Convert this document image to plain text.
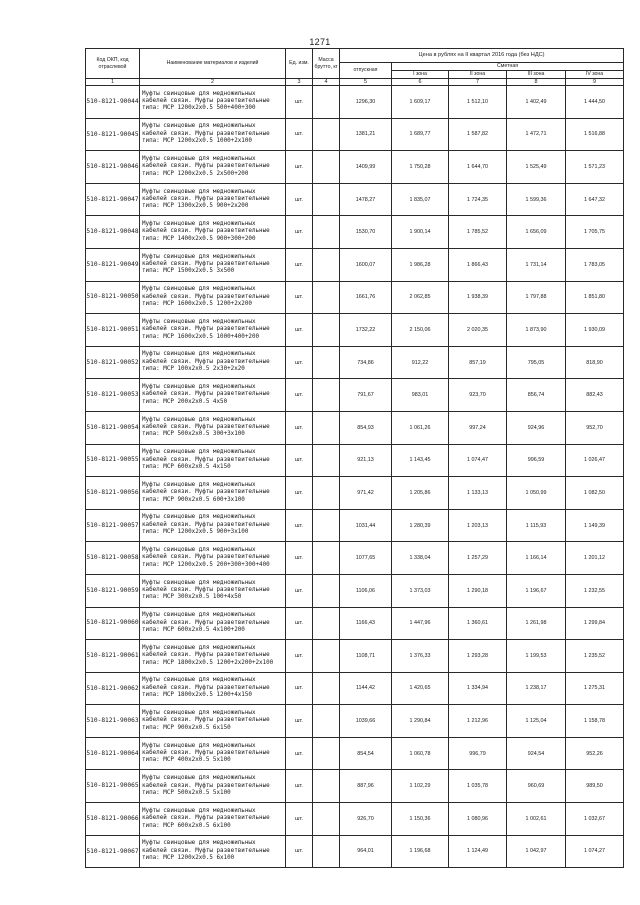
1271
Код ОКП, код отраслевой	Наименование материалов и изделий	Ед. изм.	Масса брутто, кг	Цена в рублях на II квартал 2016 года (без НДС)				
				отпускная	Сметная			
					I зона	II зона	III зона	IV зона
1	2	3	4	5	6	7	8	9
510-8121-90044	Муфты свинцовые для медножильных кабелей связи. Муфты разветвительные типа: МСР 1200х2х0.5 500+400+300	шт.		1296,30	1 609,17	1 512,10	1 402,49	1 444,50
510-8121-90045	Муфты свинцовые для медножильных кабелей связи. Муфты разветвительные типа: МСР 1200х2х0.5 1000+2х100	шт.		1381,21	1 689,77	1 587,82	1 472,71	1 516,88
510-8121-90046	Муфты свинцовые для медножильных кабелей связи. Муфты разветвительные типа: МСР 1200х2х0.5 2х500+200	шт.		1409,99	1 750,28	1 644,70	1 525,49	1 571,23
510-8121-90047	Муфты свинцовые для медножильных кабелей связи. Муфты разветвительные типа: МСР 1300х2х0.5 900+2х200	шт.		1478,27	1 835,07	1 724,35	1 599,36	1 647,32
510-8121-90048	Муфты свинцовые для медножильных кабелей связи. Муфты разветвительные типа: МСР 1400х2х0.5 900+300+200	шт.		1530,70	1 900,14	1 785,52	1 656,09	1 705,75
510-8121-90049	Муфты свинцовые для медножильных кабелей связи. Муфты разветвительные типа: МСР 1500х2х0.5 3х500	шт.		1600,07	1 986,28	1 866,43	1 731,14	1 783,05
510-8121-90050	Муфты свинцовые для медножильных кабелей связи. Муфты разветвительные типа: МСР 1600х2х0.5 1200+2х200	шт.		1661,76	2 062,85	1 938,39	1 797,88	1 851,80
510-8121-90051	Муфты свинцовые для медножильных кабелей связи. Муфты разветвительные типа: МСР 1600х2х0.5 1000+400+200	шт.		1732,22	2 150,06	2 020,35	1 873,90	1 930,09
510-8121-90052	Муфты свинцовые для медножильных кабелей связи. Муфты разветвительные типа: МСР 100х2х0.5 2х30+2х20	шт.		734,86	912,22	857,19	795,05	818,90
510-8121-90053	Муфты свинцовые для медножильных кабелей связи. Муфты разветвительные типа: МСР 200х2х0.5 4х50	шт.		791,67	983,01	923,70	856,74	882,43
510-8121-90054	Муфты свинцовые для медножильных кабелей связи. Муфты разветвительные типа: МСР 500х2х0.5 300+3х100	шт.		854,93	1 061,26	997,24	924,96	952,70
510-8121-90055	Муфты свинцовые для медножильных кабелей связи. Муфты разветвительные типа: МСР 600х2х0.5 4х150	шт.		921,13	1 143,45	1 074,47	996,59	1 026,47
510-8121-90056	Муфты свинцовые для медножильных кабелей связи. Муфты разветвительные типа: МСР 900х2х0.5 600+3х100	шт.		971,42	1 205,86	1 133,13	1 050,99	1 082,50
510-8121-90057	Муфты свинцовые для медножильных кабелей связи. Муфты разветвительные типа: МСР 1200х2х0.5 900+3х100	шт.		1031,44	1 280,39	1 203,13	1 115,93	1 149,39
510-8121-90058	Муфты свинцовые для медножильных кабелей связи. Муфты разветвительные типа: МСР 1200х2х0.5 200+300+300+400	шт.		1077,65	1 338,04	1 257,29	1 166,14	1 201,12
510-8121-90059	Муфты свинцовые для медножильных кабелей связи. Муфты разветвительные типа: МСР 300х2х0.5 100+4х50	шт.		1106,06	1 373,03	1 290,18	1 196,67	1 232,55
510-8121-90060	Муфты свинцовые для медножильных кабелей связи. Муфты разветвительные типа: МСР 600х2х0.5 4х100+200	шт.		1166,43	1 447,96	1 360,61	1 261,98	1 299,84
510-8121-90061	Муфты свинцовые для медножильных кабелей связи. Муфты разветвительные типа: МСР 1800х2х0.5 1200+2х200+2х100	шт.		1108,71	1 376,33	1 293,28	1 199,53	1 235,52
510-8121-90062	Муфты свинцовые для медножильных кабелей связи. Муфты разветвительные типа: МСР 1800х2х0.5 1200+4х150	шт.		1144,42	1 420,65	1 334,94	1 238,17	1 275,31
510-8121-90063	Муфты свинцовые для медножильных кабелей связи. Муфты разветвительные типа: МСР 900х2х0.5 6х150	шт.		1039,66	1 290,84	1 212,96	1 125,04	1 158,78
510-8121-90064	Муфты свинцовые для медножильных кабелей связи. Муфты разветвительные типа: МСР 400х2х0.5 5х100	шт.		854,54	1 060,78	996,79	924,54	952,26
510-8121-90065	Муфты свинцовые для медножильных кабелей связи. Муфты разветвительные типа: МСР 500х2х0.5 5х100	шт.		887,96	1 102,29	1 035,78	960,69	989,50
510-8121-90066	Муфты свинцовые для медножильных кабелей связи. Муфты разветвительные типа: МСР 600х2х0.5 6х100	шт.		926,70	1 150,36	1 080,96	1 002,61	1 032,67
510-8121-90067	Муфты свинцовые для медножильных кабелей связи. Муфты разветвительные типа: МСР 1200х2х0.5 6х100	шт.		964,01	1 196,68	1 124,49	1 042,97	1 074,27
